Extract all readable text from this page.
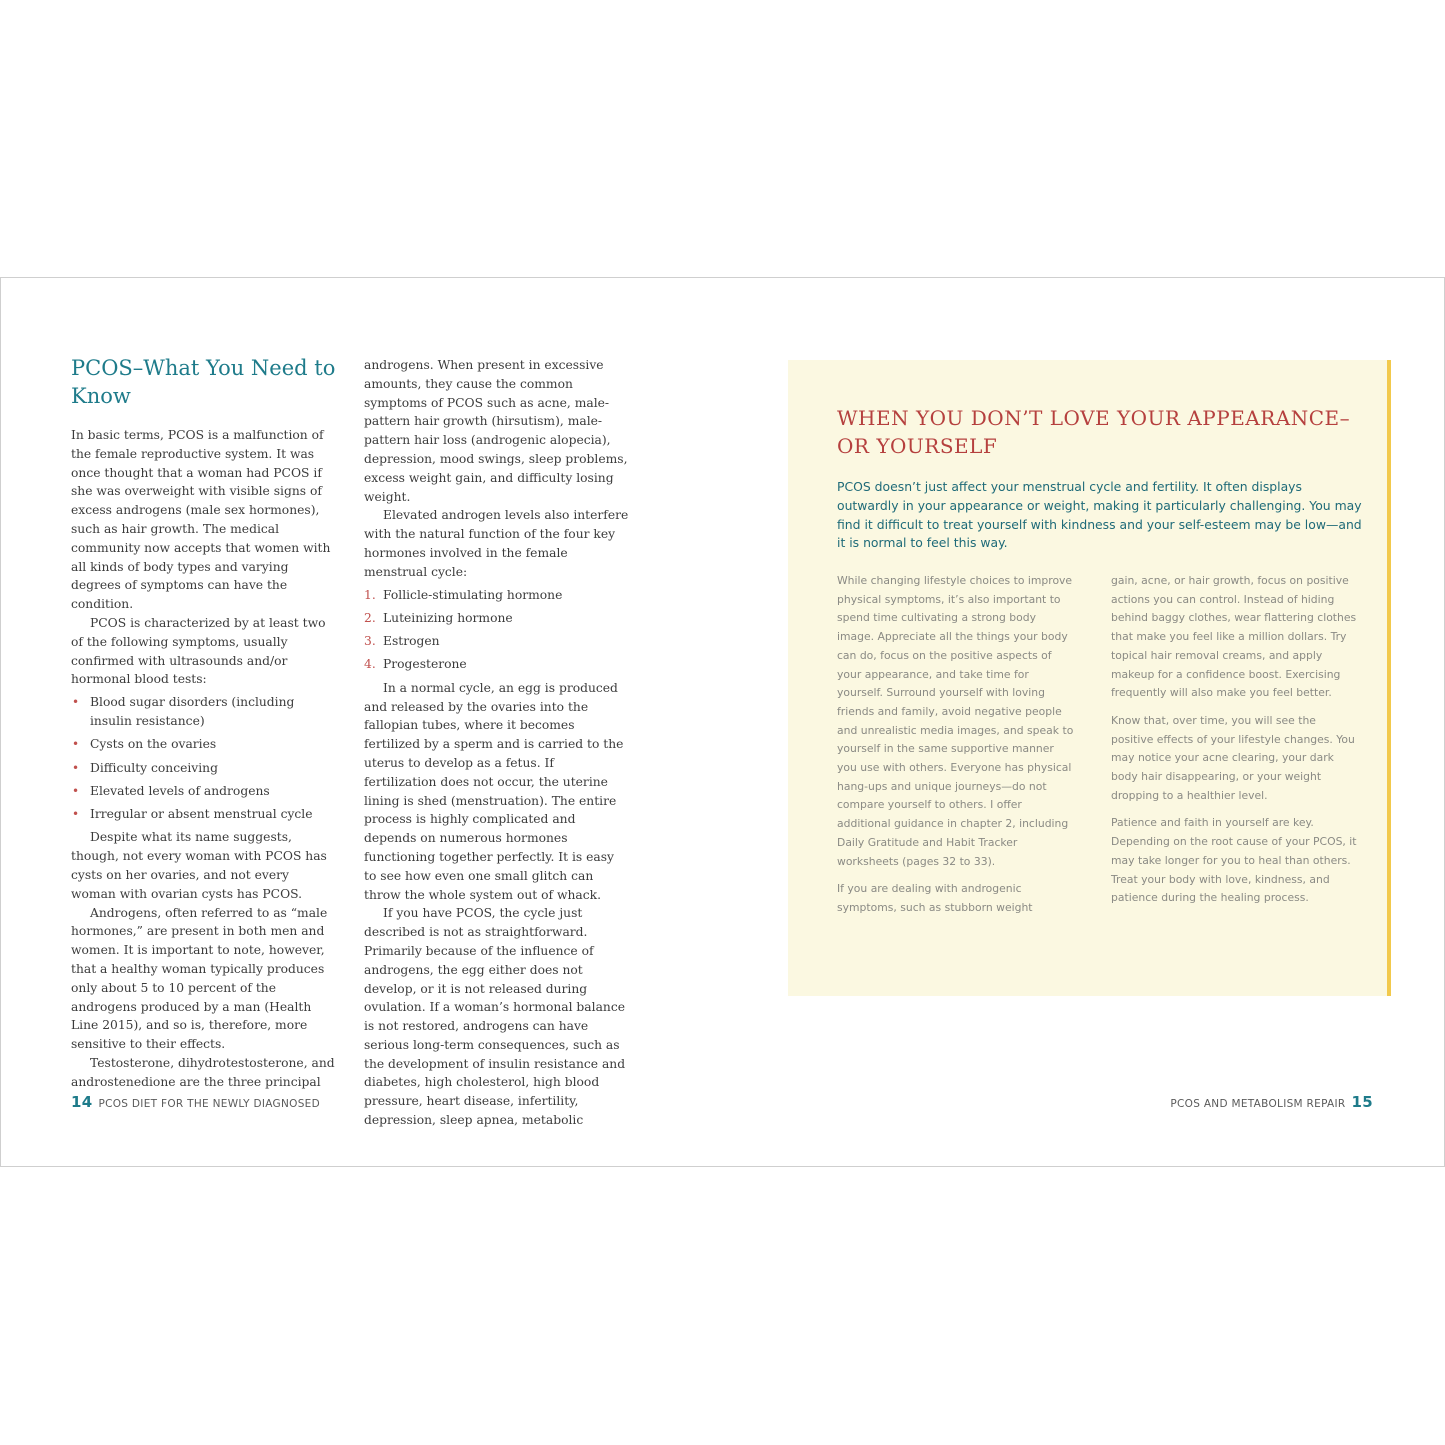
PCOS–What You Need to Know

In basic terms, PCOS is a malfunction of the female reproductive system. It was once thought that a woman had PCOS if she was overweight with visible signs of excess androgens (male sex hormones), such as hair growth. The medical community now accepts that women with all kinds of body types and varying degrees of symptoms can have the condition.

PCOS is characterized by at least two of the following symptoms, usually confirmed with ultrasounds and/or hormonal blood tests:

• Blood sugar disorders (including insulin resistance)
• Cysts on the ovaries
• Difficulty conceiving
• Elevated levels of androgens
• Irregular or absent menstrual cycle

Despite what its name suggests, though, not every woman with PCOS has cysts on her ovaries, and not every woman with ovarian cysts has PCOS.

Androgens, often referred to as “male hormones,” are present in both men and women. It is important to note, however, that a healthy woman typically produces only about 5 to 10 percent of the androgens produced by a man (Health Line 2015), and so is, therefore, more sensitive to their effects.

Testosterone, dihydrotestosterone, and androstenedione are the three principal

androgens. When present in excessive amounts, they cause the common symptoms of PCOS such as acne, male-pattern hair growth (hirsutism), male-pattern hair loss (androgenic alopecia), depression, mood swings, sleep problems, excess weight gain, and difficulty losing weight.

Elevated androgen levels also interfere with the natural function of the four key hormones involved in the female menstrual cycle:

1. Follicle-stimulating hormone
2. Luteinizing hormone
3. Estrogen
4. Progesterone

In a normal cycle, an egg is produced and released by the ovaries into the fallopian tubes, where it becomes fertilized by a sperm and is carried to the uterus to develop as a fetus. If fertilization does not occur, the uterine lining is shed (menstruation). The entire process is highly complicated and depends on numerous hormones functioning together perfectly. It is easy to see how even one small glitch can throw the whole system out of whack.

If you have PCOS, the cycle just described is not as straightforward. Primarily because of the influence of androgens, the egg either does not develop, or it is not released during ovulation. If a woman’s hormonal balance is not restored, androgens can have serious long-term consequences, such as the development of insulin resistance and diabetes, high cholesterol, high blood pressure, heart disease, infertility, depression, sleep apnea, metabolic

14 PCOS DIET FOR THE NEWLY DIAGNOSED
WHEN YOU DON’T LOVE YOUR APPEARANCE–OR YOURSELF

PCOS doesn’t just affect your menstrual cycle and fertility. It often displays outwardly in your appearance or weight, making it particularly challenging. You may find it difficult to treat yourself with kindness and your self-esteem may be low—and it is normal to feel this way.

While changing lifestyle choices to improve physical symptoms, it’s also important to spend time cultivating a strong body image. Appreciate all the things your body can do, focus on the positive aspects of your appearance, and take time for yourself. Surround yourself with loving friends and family, avoid negative people and unrealistic media images, and speak to yourself in the same supportive manner you use with others. Everyone has physical hang-ups and unique journeys—do not compare yourself to others. I offer additional guidance in chapter 2, including Daily Gratitude and Habit Tracker worksheets (pages 32 to 33).

If you are dealing with androgenic symptoms, such as stubborn weight

gain, acne, or hair growth, focus on positive actions you can control. Instead of hiding behind baggy clothes, wear flattering clothes that make you feel like a million dollars. Try topical hair removal creams, and apply makeup for a confidence boost. Exercising frequently will also make you feel better.

Know that, over time, you will see the positive effects of your lifestyle changes. You may notice your acne clearing, your dark body hair disappearing, or your weight dropping to a healthier level.

Patience and faith in yourself are key. Depending on the root cause of your PCOS, it may take longer for you to heal than others. Treat your body with love, kindness, and patience during the healing process.

PCOS AND METABOLISM REPAIR 15
